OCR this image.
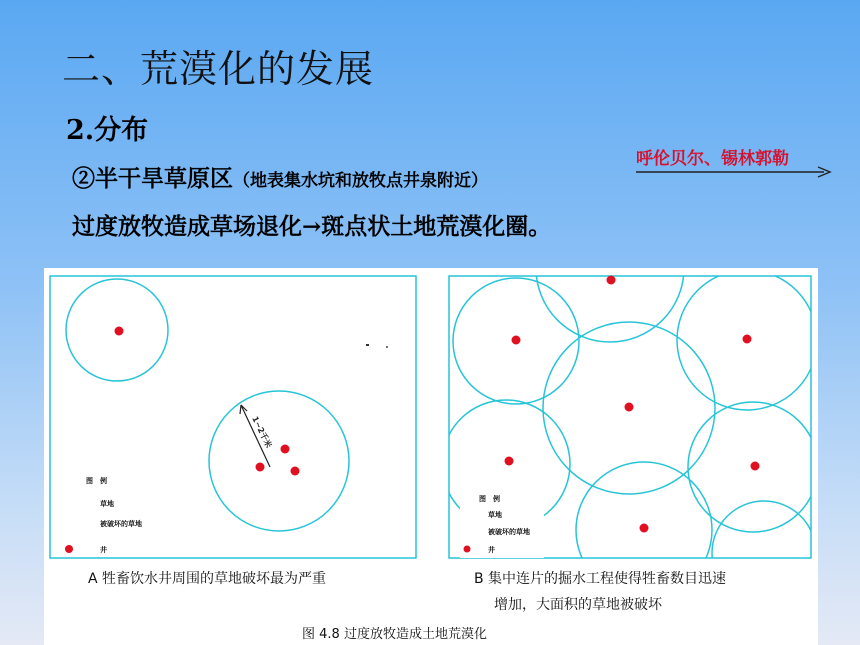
二、荒漠化的发展
2.分布
②半干旱草原区（地表集水坑和放牧点井泉附近）
呼伦贝尔、锡林郭勒
过度放牧造成草场退化→斑点状土地荒漠化圈。
1~2千米
图　例
草地
被破坏的草地
井
图　例
草地
被破坏的草地
井
A 牲畜饮水井周围的草地破坏最为严重	B 集中连片的掘水工程使得牲畜数目迅速
增加，大面积的草地被破坏
图 4.8 过度放牧造成土地荒漠化
